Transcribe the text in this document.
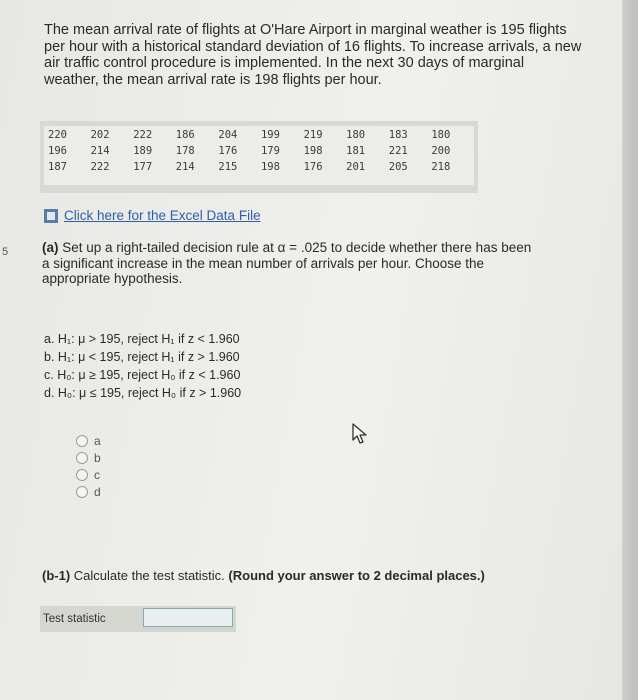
5
The mean arrival rate of flights at O'Hare Airport in marginal weather is 195 flights
per hour with a historical standard deviation of 16 flights. To increase arrivals, a new
air traffic control procedure is implemented. In the next 30 days of marginal
weather, the mean arrival rate is 198 flights per hour.
220	202	222	186	204	199	219	180	183	180
196	214	189	178	176	179	198	181	221	200
187	222	177	214	215	198	176	201	205	218
Click here for the Excel Data File
(a) Set up a right-tailed decision rule at α = .025 to decide whether there has been
a significant increase in the mean number of arrivals per hour. Choose the
appropriate hypothesis.
a. H₁: μ > 195, reject H₁ if z < 1.960
b. H₁: μ < 195, reject H₁ if z > 1.960
c. H₀: μ ≥ 195, reject H₀ if z < 1.960
d. H₀: μ ≤ 195, reject H₀ if z > 1.960
a
b
c
d
(b-1) Calculate the test statistic. (Round your answer to 2 decimal places.)
Test statistic
